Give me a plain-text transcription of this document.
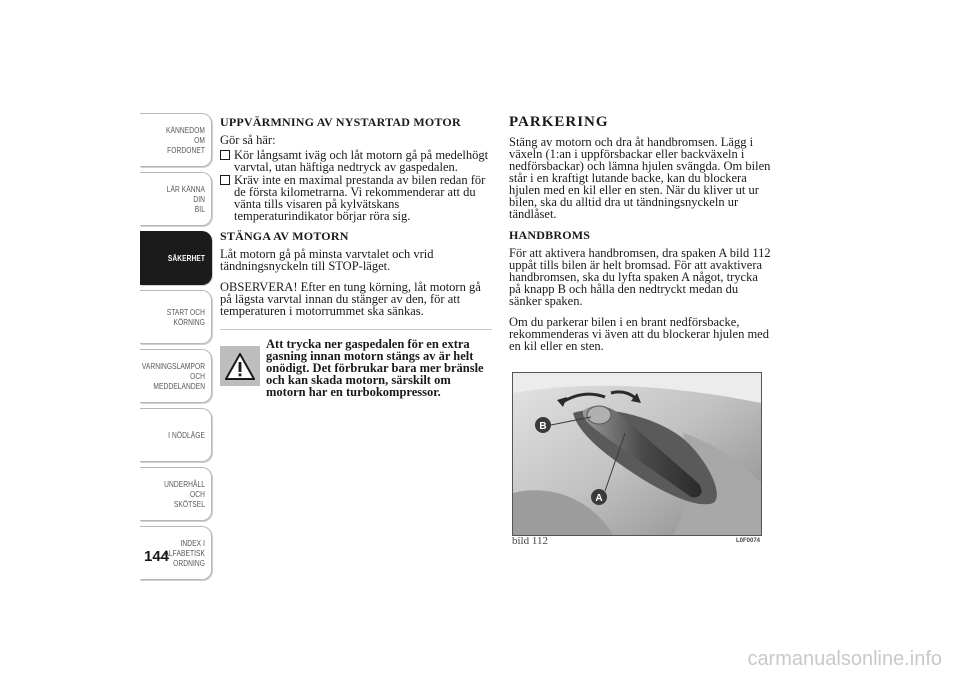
KÄNNEDOM OM
FORDONET
LÄR KÄNNA DIN
BIL
SÄKERHET
START OCH
KÖRNING
VARNINGSLAMPOR
OCH
MEDDELANDEN
I NÖDLÄGE
UNDERHÅLL OCH
SKÖTSEL
INDEX I
ALFABETISK
ORDNING
144
UPPVÄRMNING AV NYSTARTAD MOTOR

Gör så här:

Kör långsamt iväg och låt motorn gå på medelhögt varvtal, utan häftiga nedtryck av gaspedalen.
Kräv inte en maximal prestanda av bilen redan för de första kilometrarna. Vi rekommenderar att du vänta tills visaren på kylvätskans temperaturindikator börjar röra sig.
STÄNGA AV MOTORN

Låt motorn gå på minsta varvtalet och vrid tändningsnyckeln till STOP-läget.

OBSERVERA! Efter en tung körning, låt motorn gå på lägsta varvtal innan du stänger av den, för att temperaturen i motorrummet ska sänkas.

Att trycka ner gaspedalen för en extra gasning innan motorn stängs av är helt onödigt. Det förbrukar bara mer bränsle och kan skada motorn, särskilt om motorn har en turbokompressor.
PARKERING

Stäng av motorn och dra åt handbromsen. Lägg i växeln (1:an i uppförsbackar eller backväxeln i nedförsbackar) och lämna hjulen svängda. Om bilen står i en kraftigt lutande backe, kan du blockera hjulen med en kil eller en sten. När du kliver ut ur bilen, ska du alltid dra ut tändningsnyckeln ur tändlåset.

HANDBROMS

För att aktivera handbromsen, dra spaken A bild 112 uppåt tills bilen är helt bromsad. För att avaktivera handbromsen, ska du lyfta spaken A något, trycka på knapp B och hålla den nedtryckt medan du sänker spaken.

Om du parkerar bilen i en brant nedförsbacke, rekommenderas vi även att du blockerar hjulen med en kil eller en sten.

B
A
bild 112	L0F0074
carmanualsonline.info
